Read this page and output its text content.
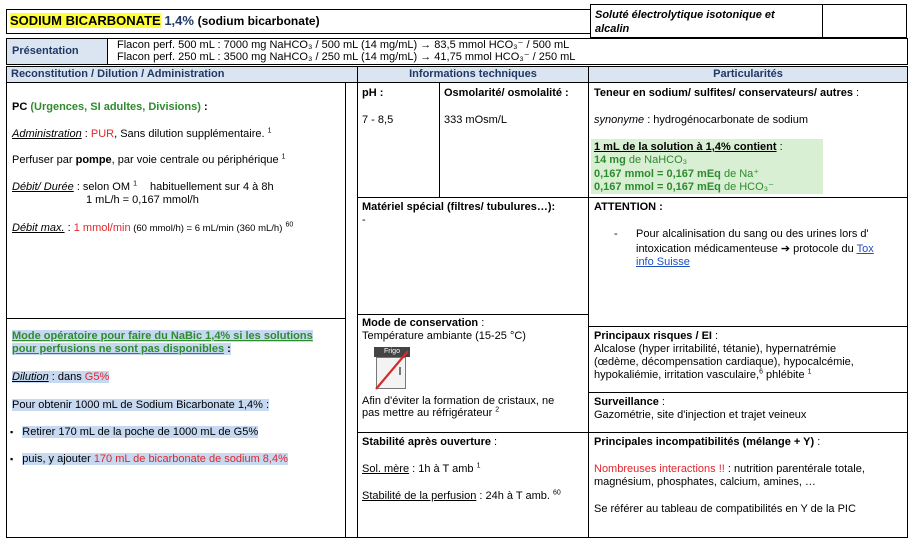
SODIUM BICARBONATE 1,4% (sodium bicarbonate)	Soluté électrolytique isotonique et
alcalin
Présentation	Flacon perf. 500 mL : 7000 mg NaHCO₃ / 500 mL (14 mg/mL) → 83,5 mmol HCO₃⁻ / 500 mL
Flacon perf. 250 mL : 3500 mg NaHCO₃ / 250 mL (14 mg/mL) → 41,75 mmol HCO₃⁻ / 250 mL
Reconstitution / Dilution / Administration	Informations techniques	Particularités
PC (Urgences, SI adultes, Divisions) :
Administration : PUR, Sans dilution supplémentaire. $^1$
Perfuser par pompe, par voie centrale ou périphérique $^1$
Débit/ Durée : selon OM $^1$ habituellement sur 4 à 8h
1 mL/h = 0,167 mmol/h
Débit max. : 1 mmol/min (60 mmol/h) = 6 mL/min (360 mL/h) $^{60}$
Mode opératoire pour faire du NaBic 1,4% si les solutions
pour perfusions ne sont pas disponibles :
Dilution : dans G5%
Pour obtenir 1000 mL de Sodium Bicarbonate 1,4% :
▪ Retirer 170 mL de la poche de 1000 mL de G5%
▪ puis, y ajouter 170 mL de bicarbonate de sodium 8,4%
pH :
7 - 8,5
Osmolarité/ osmolalité :
333 mOsm/L
Matériel spécial (filtres/ tubulures…):
-
Mode de conservation :
Température ambiante (15-25 °C)
Frigo
Afin d'éviter la formation de cristaux, ne
pas mettre au réfrigérateur $^2$
Stabilité après ouverture :
Sol. mère : 1h à T amb $^1$
Stabilité de la perfusion : 24h à T amb. $^{60}$
Teneur en sodium/ sulfites/ conservateurs/ autres :
synonyme : hydrogénocarbonate de sodium
1 mL de la solution à 1,4% contient :
14 mg de NaHCO₃
0,167 mmol = 0,167 mEq de Na⁺
0,167 mmol = 0,167 mEq de HCO₃⁻
ATTENTION :
-	Pour alcalinisation du sang ou des urines lors d'
intoxication médicamenteuse ➔ protocole du Tox
info Suisse
Principaux risques / EI :
Alcalose (hyper irritabilité, tétanie), hypernatrémie
(œdème, décompensation cardiaque), hypocalcémie,
hypokaliémie, irritation vasculaire,$^6$ phlébite $^1$
Surveillance :
Gazométrie, site d'injection et trajet veineux
Principales incompatibilités (mélange + Y) :
Nombreuses interactions !! : nutrition parentérale totale,
magnésium, phosphates, calcium, amines, …
Se référer au tableau de compatibilités en Y de la PIC
